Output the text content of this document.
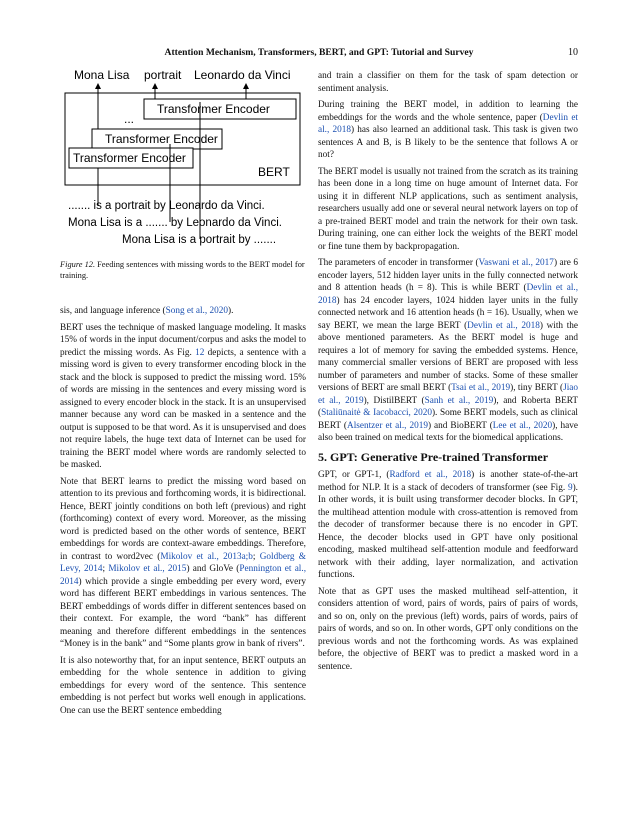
Attention Mechanism, Transformers, BERT, and GPT: Tutorial and Survey	10
Mona Lisa portrait Leonardo da Vinci
BERT
Transformer Encoder
...
Transformer Encoder
Transformer Encoder
....... is a portrait by Leonardo da Vinci.
Mona Lisa is a ....... by Leonardo da Vinci.
Mona Lisa is a portrait by .......
Figure 12. Feeding sentences with missing words to the BERT model for training.

sis, and language inference (Song et al., 2020).

BERT uses the technique of masked language modeling. It masks 15% of words in the input document/corpus and asks the model to predict the missing words. As Fig. 12 depicts, a sentence with a missing word is given to every transformer encoding block in the stack and the block is supposed to predict the missing word. 15% of words are missing in the sentences and every missing word is assigned to every encoder block in the stack. It is an unsupervised manner because any word can be masked in a sentence and the output is supposed to be that word. As it is unsupervised and does not require labels, the huge text data of Internet can be used for training the BERT model where words are randomly selected to be masked.

Note that BERT learns to predict the missing word based on attention to its previous and forthcoming words, it is bidirectional. Hence, BERT jointly conditions on both left (previous) and right (forthcoming) context of every word. Moreover, as the missing word is predicted based on the other words of sentence, BERT embeddings for words are context-aware embeddings. Therefore, in contrast to word2vec (Mikolov et al., 2013a;b; Goldberg & Levy, 2014; Mikolov et al., 2015) and GloVe (Pennington et al., 2014) which provide a single embedding per every word, every word has different BERT embeddings in various sentences. The BERT embeddings of words differ in different sentences based on their context. For example, the word “bank” has different meaning and therefore different embeddings in the sentences “Money is in the bank” and “Some plants grow in bank of rivers”.

It is also noteworthy that, for an input sentence, BERT outputs an embedding for the whole sentence in addition to giving embeddings for every word of the sentence. This sentence embedding is not perfect but works well enough in applications. One can use the BERT sentence embedding

and train a classifier on them for the task of spam detection or sentiment analysis.

During training the BERT model, in addition to learning the embeddings for the words and the whole sentence, paper (Devlin et al., 2018) has also learned an additional task. This task is given two sentences A and B, is B likely to be the sentence that follows A or not?

The BERT model is usually not trained from the scratch as its training has been done in a long time on huge amount of Internet data. For using it in different NLP applications, such as sentiment analysis, researchers usually add one or several neural network layers on top of a pre-trained BERT model and train the network for their own task. During training, one can either lock the weights of the BERT model or fine tune them by backpropagation.

The parameters of encoder in transformer (Vaswani et al., 2017) are 6 encoder layers, 512 hidden layer units in the fully connected network and 8 attention heads (h = 8). This is while BERT (Devlin et al., 2018) has 24 encoder layers, 1024 hidden layer units in the fully connected network and 16 attention heads (h = 16). Usually, when we say BERT, we mean the large BERT (Devlin et al., 2018) with the above mentioned parameters. As the BERT model is huge and requires a lot of memory for saving the embedded systems. Hence, many commercial smaller versions of BERT are proposed with less number of parameters and number of stacks. Some of these smaller versions of BERT are small BERT (Tsai et al., 2019), tiny BERT (Jiao et al., 2019), DistilBERT (Sanh et al., 2019), and Roberta BERT (Staliūnaitė & Iacobacci, 2020). Some BERT models, such as clinical BERT (Alsentzer et al., 2019) and BioBERT (Lee et al., 2020), have also been trained on medical texts for the biomedical applications.

5. GPT: Generative Pre-trained Transformer

GPT, or GPT-1, (Radford et al., 2018) is another state-of-the-art method for NLP. It is a stack of decoders of transformer (see Fig. 9). In other words, it is built using transformer decoder blocks. In GPT, the multihead attention module with cross-attention is removed from the decoder of transformer because there is no encoder in GPT. Hence, the decoder blocks used in GPT have only positional encoding, masked multihead self-attention module and feedforward network with their adding, layer normalization, and activation functions.

Note that as GPT uses the masked multihead self-attention, it considers attention of word, pairs of words, pairs of pairs of words, and so on, only on the previous (left) words, pairs of words, pairs of pairs of words, and so on. In other words, GPT only conditions on the previous words and not the forthcoming words. As was explained before, the objective of BERT was to predict a masked word in a sentence.
